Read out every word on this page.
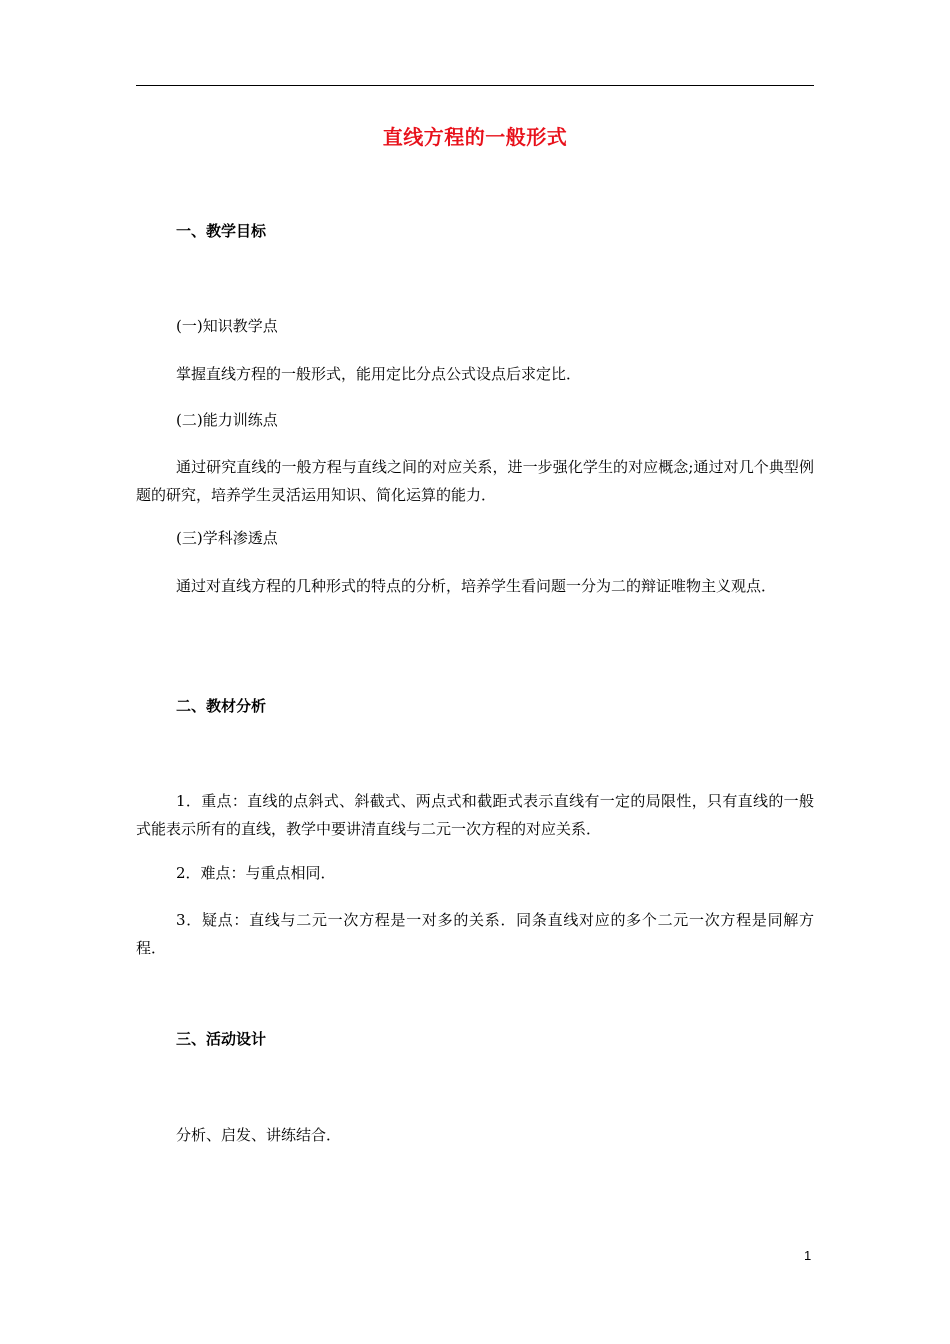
直线方程的一般形式
一、教学目标
(一)知识教学点
掌握直线方程的一般形式，能用定比分点公式设点后求定比．
(二)能力训练点
通过研究直线的一般方程与直线之间的对应关系，进一步强化学生的对应概念;通过对几个典型例题的研究，培养学生灵活运用知识、简化运算的能力．
(三)学科渗透点
通过对直线方程的几种形式的特点的分析，培养学生看问题一分为二的辩证唯物主义观点．
二、教材分析
1．重点：直线的点斜式、斜截式、两点式和截距式表示直线有一定的局限性，只有直线的一般式能表示所有的直线，教学中要讲清直线与二元一次方程的对应关系．
2．难点：与重点相同．
3．疑点：直线与二元一次方程是一对多的关系．同条直线对应的多个二元一次方程是同解方程．
三、活动设计
分析、启发、讲练结合．
1
